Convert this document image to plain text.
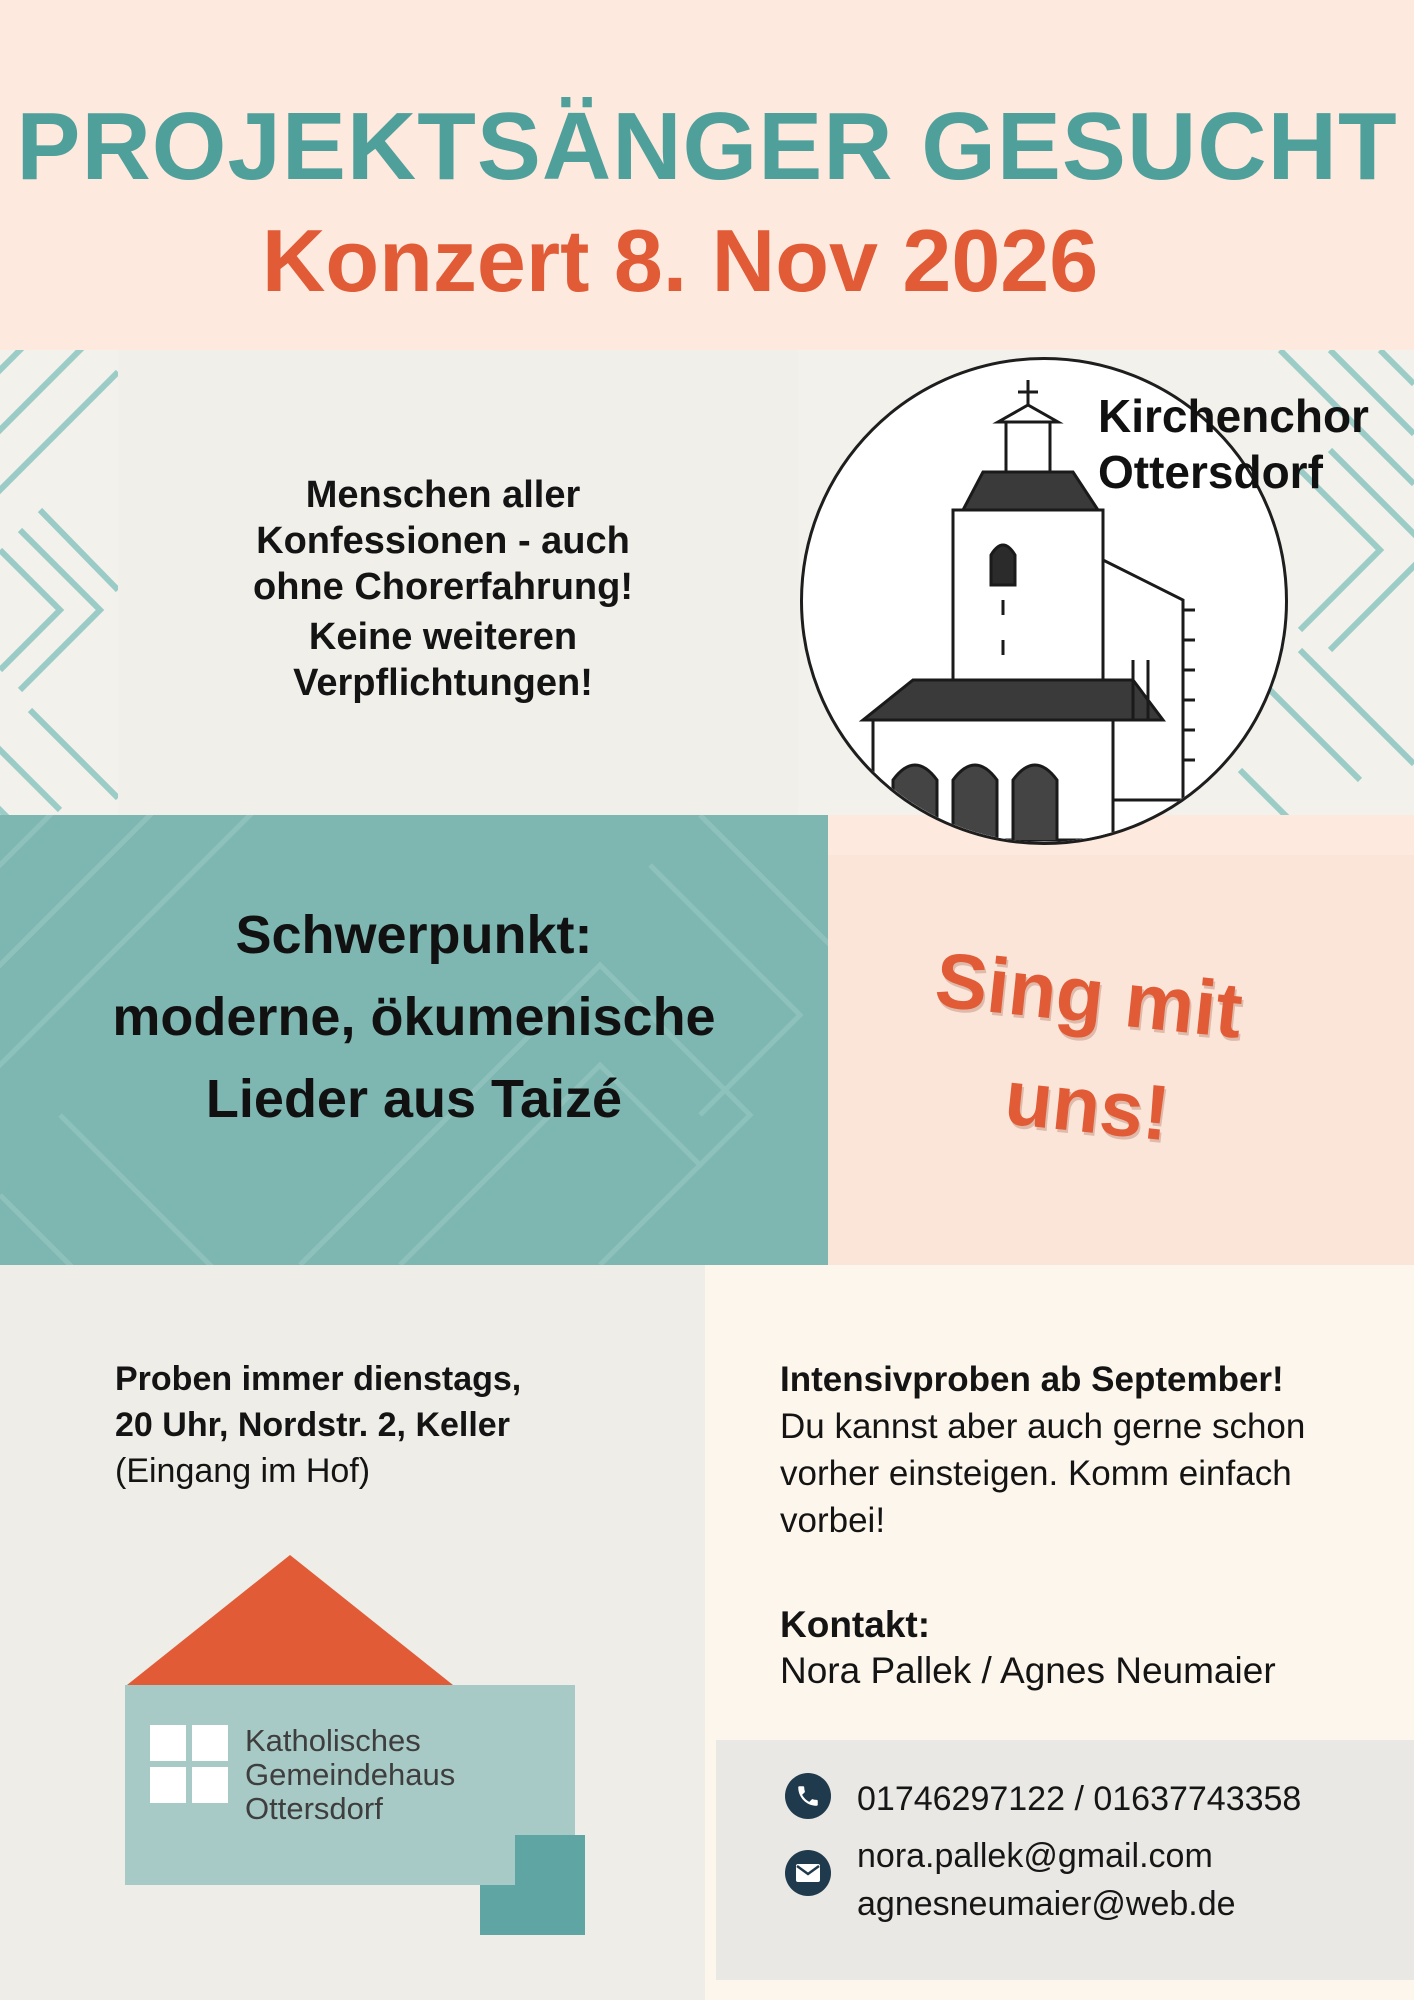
PROJEKTSÄNGER GESUCHT
Konzert 8. Nov 2026
Menschen aller
Konfessionen - auch
ohne Chorerfahrung!
Keine weiteren
Verpflichtungen!
Kirchenchor
Ottersdorf
Schwerpunkt:
moderne, ökumenische
Lieder aus Taizé
Sing mit
uns!
Proben immer dienstags,
20 Uhr, Nordstr. 2, Keller
(Eingang im Hof)
Katholisches
Gemeindehaus
Ottersdorf
Intensivproben ab September!
Du kannst aber auch gerne schon
vorher einsteigen. Komm einfach
vorbei!
Kontakt:
Nora Pallek / Agnes Neumaier
01746297122 / 01637743358
nora.pallek@gmail.com
agnesneumaier@web.de
